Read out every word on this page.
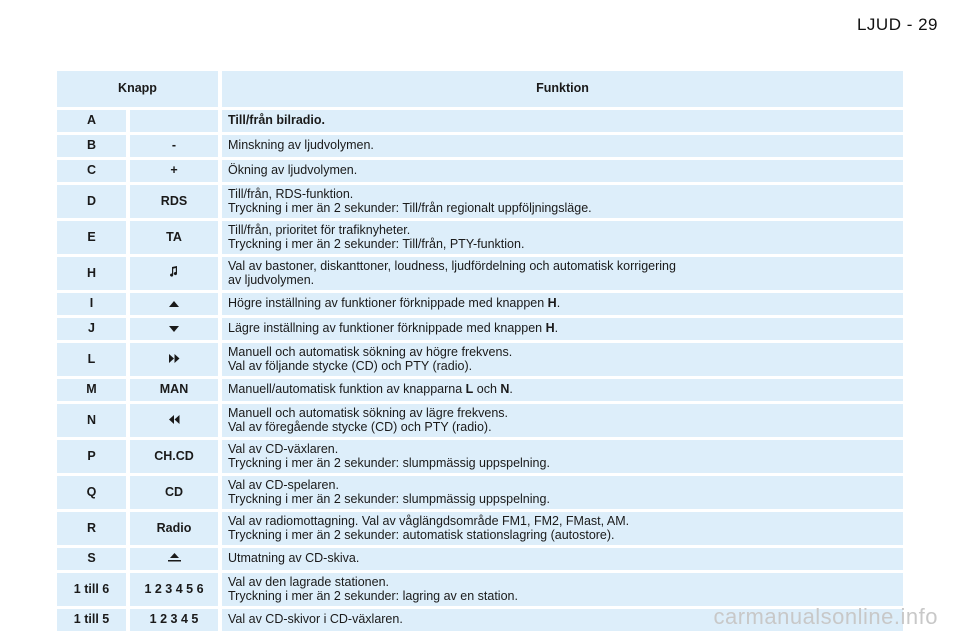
LJUD - 29
Knapp		Funktion
A		Till/från bilradio.

B	-	Minskning av ljudvolymen.

C	+	Ökning av ljudvolymen.

D	RDS	Till/från, RDS-funktion.
Tryckning i mer än 2 sekunder: Till/från regionalt uppföljningsläge.

E	TA	Till/från, prioritet för trafiknyheter.
Tryckning i mer än 2 sekunder: Till/från, PTY-funktion.

H		Val av bastoner, diskanttoner, loudness, ljudfördelning och automatisk korrigering
av ljudvolymen.

I		Högre inställning av funktioner förknippade med knappen H.

J		Lägre inställning av funktioner förknippade med knappen H.

L		Manuell och automatisk sökning av högre frekvens.
Val av följande stycke (CD) och PTY (radio).

M	MAN	Manuell/automatisk funktion av knapparna L och N.

N		Manuell och automatisk sökning av lägre frekvens.
Val av föregående stycke (CD) och PTY (radio).

P	CH.CD	Val av CD-växlaren.
Tryckning i mer än 2 sekunder: slumpmässig uppspelning.

Q	CD	Val av CD-spelaren.
Tryckning i mer än 2 sekunder: slumpmässig uppspelning.

R	Radio	Val av radiomottagning. Val av våglängdsområde FM1, FM2, FMast, AM.
Tryckning i mer än 2 sekunder: automatisk stationslagring (autostore).

S		Utmatning av CD-skiva.

1 till 6	1 2 3 4 5 6	Val av den lagrade stationen.
Tryckning i mer än 2 sekunder: lagring av en station.

1 till 5	1 2 3 4 5	Val av CD-skivor i CD-växlaren.	carmanualsonline.info
